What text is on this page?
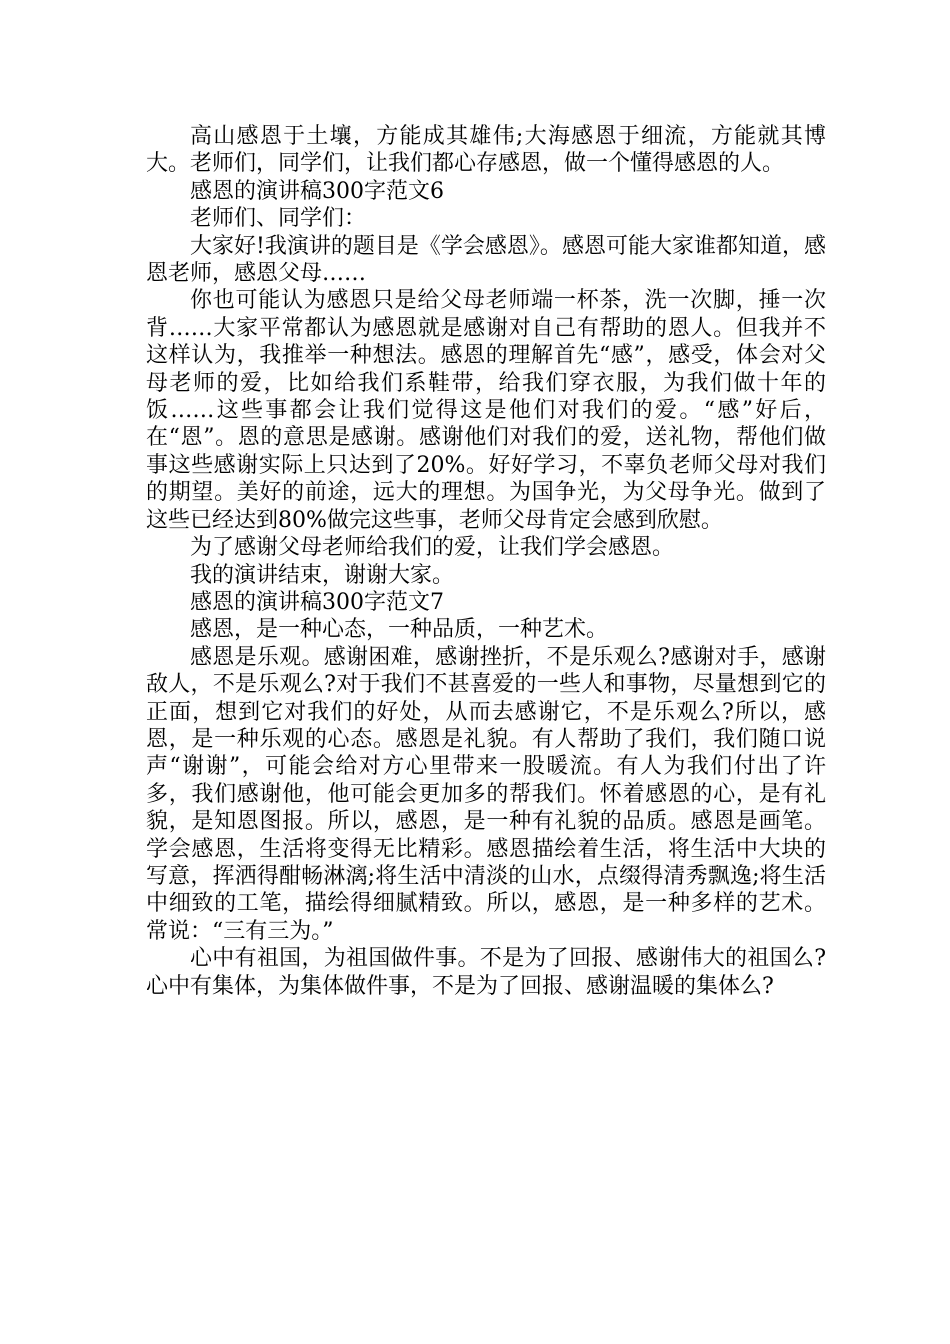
高山感恩于土壤，方能成其雄伟;大海感恩于细流，方能就其博大。老师们，同学们，让我们都心存感恩，做一个懂得感恩的人。

感恩的演讲稿300字范文6

老师们、同学们：

大家好!我演讲的题目是《学会感恩》。感恩可能大家谁都知道，感恩老师，感恩父母……

你也可能认为感恩只是给父母老师端一杯茶，洗一次脚，捶一次背……大家平常都认为感恩就是感谢对自己有帮助的恩人。但我并不这样认为，我推举一种想法。感恩的理解首先“感”，感受，体会对父母老师的爱，比如给我们系鞋带，给我们穿衣服，为我们做十年的饭……这些事都会让我们觉得这是他们对我们的爱。“感”好后，在“恩”。恩的意思是感谢。感谢他们对我们的爱，送礼物，帮他们做事这些感谢实际上只达到了20%。好好学习，不辜负老师父母对我们的期望。美好的前途，远大的理想。为国争光，为父母争光。做到了这些已经达到80%做完这些事，老师父母肯定会感到欣慰。

为了感谢父母老师给我们的爱，让我们学会感恩。

我的演讲结束，谢谢大家。

感恩的演讲稿300字范文7

感恩，是一种心态，一种品质，一种艺术。

感恩是乐观。感谢困难，感谢挫折，不是乐观么?感谢对手，感谢敌人，不是乐观么?对于我们不甚喜爱的一些人和事物，尽量想到它的正面，想到它对我们的好处，从而去感谢它，不是乐观么?所以，感恩，是一种乐观的心态。感恩是礼貌。有人帮助了我们，我们随口说声“谢谢”，可能会给对方心里带来一股暖流。有人为我们付出了许多，我们感谢他，他可能会更加多的帮我们。怀着感恩的心，是有礼貌，是知恩图报。所以，感恩，是一种有礼貌的品质。感恩是画笔。学会感恩，生活将变得无比精彩。感恩描绘着生活，将生活中大块的写意，挥洒得酣畅淋漓;将生活中清淡的山水，点缀得清秀飘逸;将生活中细致的工笔，描绘得细腻精致。所以，感恩，是一种多样的艺术。常说：“三有三为。”

心中有祖国，为祖国做件事。不是为了回报、感谢伟大的祖国么? 心中有集体，为集体做件事，不是为了回报、感谢温暖的集体么?
